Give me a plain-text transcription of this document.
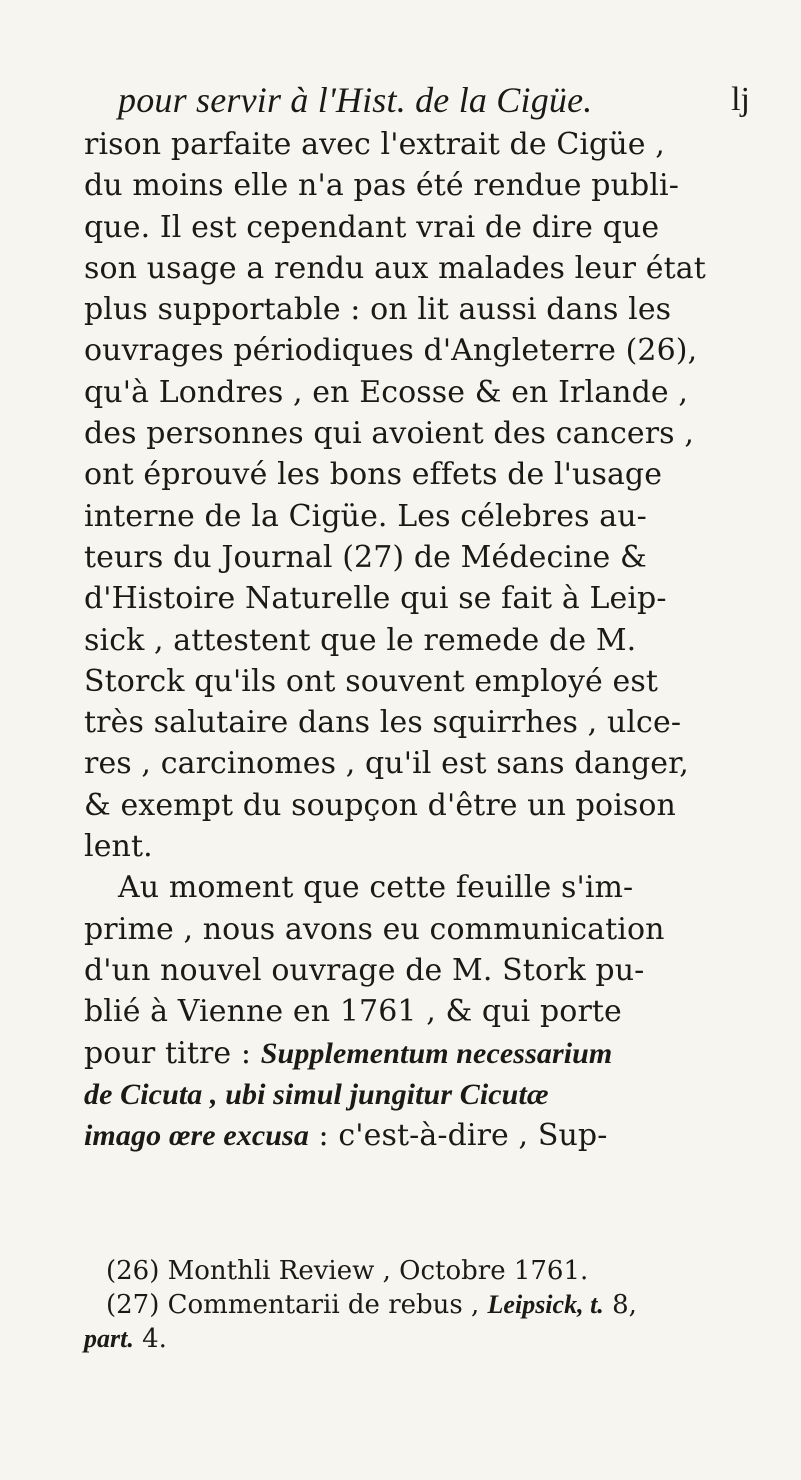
pour servir à l'Hist. de la Cigüe.	lj
rison parfaite avec l'extrait de Cigüe ,
du moins elle n'a pas été rendue publi-
que. Il est cependant vrai de dire que
son usage a rendu aux malades leur état
plus supportable : on lit aussi dans les
ouvrages périodiques d'Angleterre (26),
qu'à Londres , en Ecosse & en Irlande ,
des personnes qui avoient des cancers ,
ont éprouvé les bons effets de l'usage
interne de la Cigüe. Les célebres au-
teurs du Journal (27) de Médecine &
d'Histoire Naturelle qui se fait à Leip-
sick , attestent que le remede de M.
Storck qu'ils ont souvent employé est
très salutaire dans les squirrhes , ulce-
res , carcinomes , qu'il est sans danger,
& exempt du soupçon d'être un poison
lent.
Au moment que cette feuille s'im-
prime , nous avons eu communication
d'un nouvel ouvrage de M. Stork pu-
blié à Vienne en 1761 , & qui porte
pour titre : Supplementum necessarium
de Cicuta , ubi simul jungitur Cicutæ
imago œre excusa : c'est-à-dire , Sup-
(26) Monthli Review , Octobre 1761.
(27) Commentarii de rebus , Leipsick, t. 8,
part. 4.
